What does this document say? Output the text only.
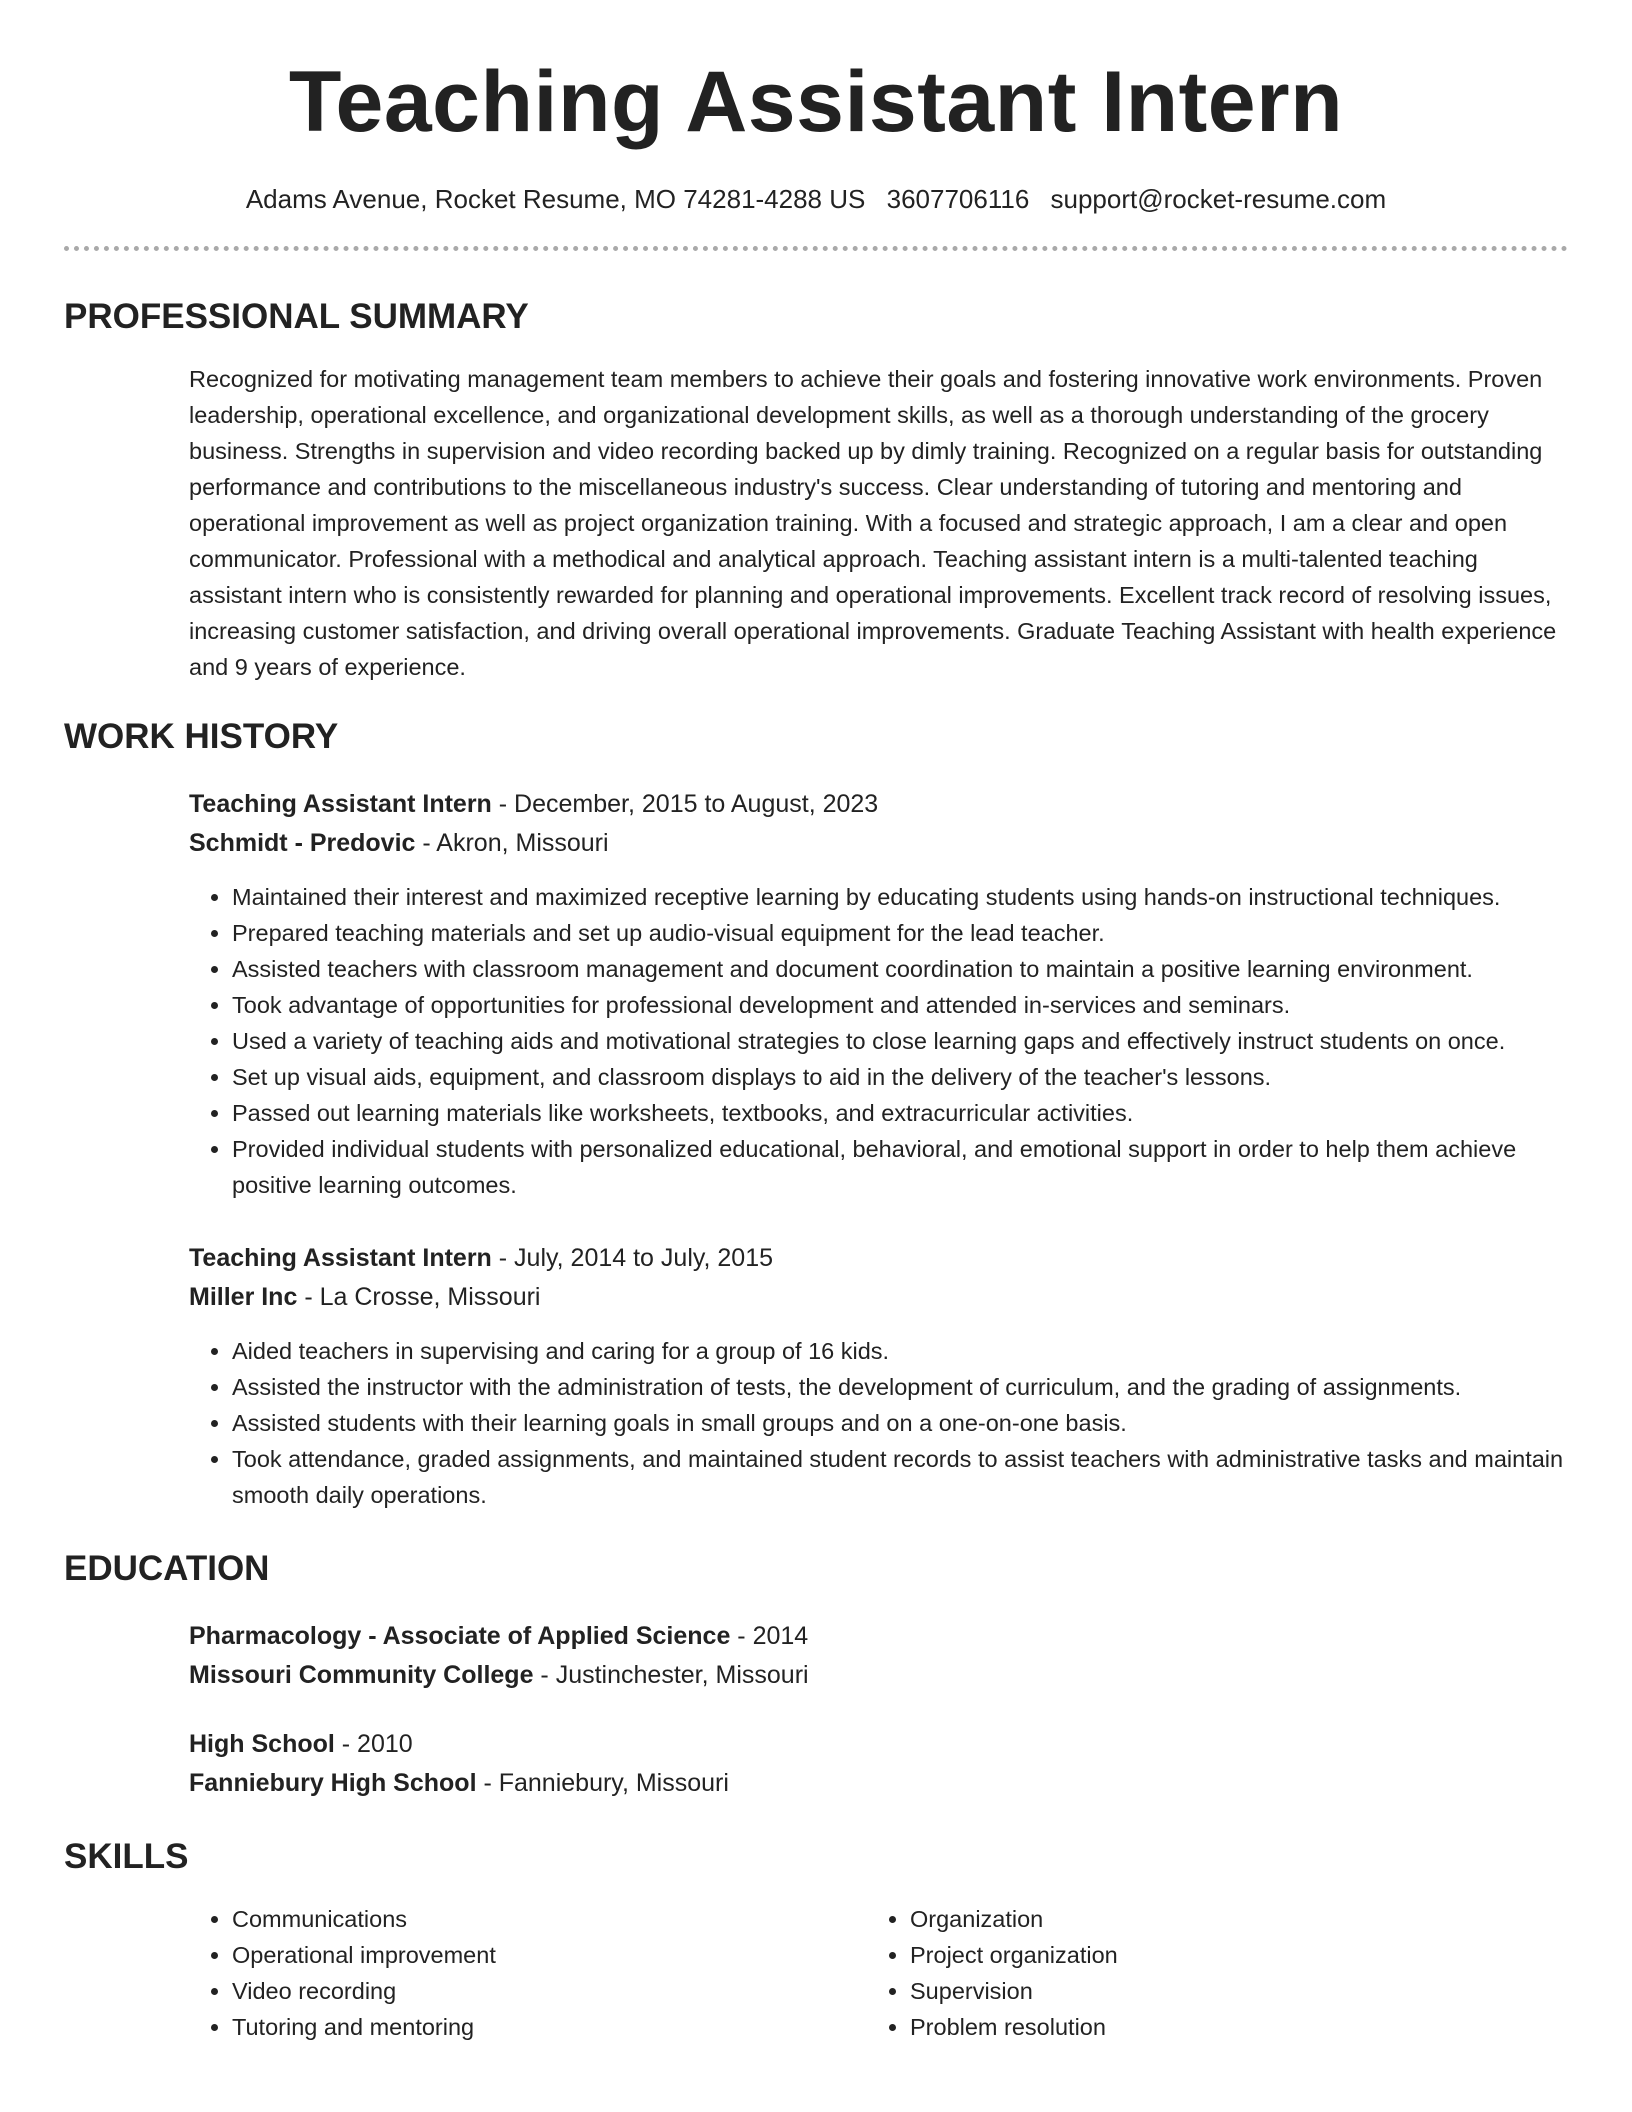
Teaching Assistant Intern
Adams Avenue, Rocket Resume, MO 74281-4288 US 3607706116 support@rocket-resume.com
PROFESSIONAL SUMMARY

Recognized for motivating management team members to achieve their goals and fostering innovative work environments. Proven leadership, operational excellence, and organizational development skills, as well as a thorough understanding of the grocery business. Strengths in supervision and video recording backed up by dimly training. Recognized on a regular basis for outstanding performance and contributions to the miscellaneous industry's success. Clear understanding of tutoring and mentoring and operational improvement as well as project organization training. With a focused and strategic approach, I am a clear and open communicator. Professional with a methodical and analytical approach. Teaching assistant intern is a multi-talented teaching assistant intern who is consistently rewarded for planning and operational improvements. Excellent track record of resolving issues, increasing customer satisfaction, and driving overall operational improvements. Graduate Teaching Assistant with health experience and 9 years of experience.

WORK HISTORY
Teaching Assistant Intern - December, 2015 to August, 2023
Schmidt - Predovic - Akron, Missouri
• Maintained their interest and maximized receptive learning by educating students using hands-on instructional techniques.
• Prepared teaching materials and set up audio-visual equipment for the lead teacher.
• Assisted teachers with classroom management and document coordination to maintain a positive learning environment.
• Took advantage of opportunities for professional development and attended in-services and seminars.
• Used a variety of teaching aids and motivational strategies to close learning gaps and effectively instruct students on once.
• Set up visual aids, equipment, and classroom displays to aid in the delivery of the teacher's lessons.
• Passed out learning materials like worksheets, textbooks, and extracurricular activities.
• Provided individual students with personalized educational, behavioral, and emotional support in order to help them achieve positive learning outcomes.
Teaching Assistant Intern - July, 2014 to July, 2015
Miller Inc - La Crosse, Missouri
• Aided teachers in supervising and caring for a group of 16 kids.
• Assisted the instructor with the administration of tests, the development of curriculum, and the grading of assignments.
• Assisted students with their learning goals in small groups and on a one-on-one basis.
• Took attendance, graded assignments, and maintained student records to assist teachers with administrative tasks and maintain smooth daily operations.
EDUCATION
Pharmacology - Associate of Applied Science - 2014
Missouri Community College - Justinchester, Missouri
High School - 2010
Fanniebury High School - Fanniebury, Missouri
SKILLS
• Communications
• Operational improvement
• Video recording
• Tutoring and mentoring
• Organization
• Project organization
• Supervision
• Problem resolution
